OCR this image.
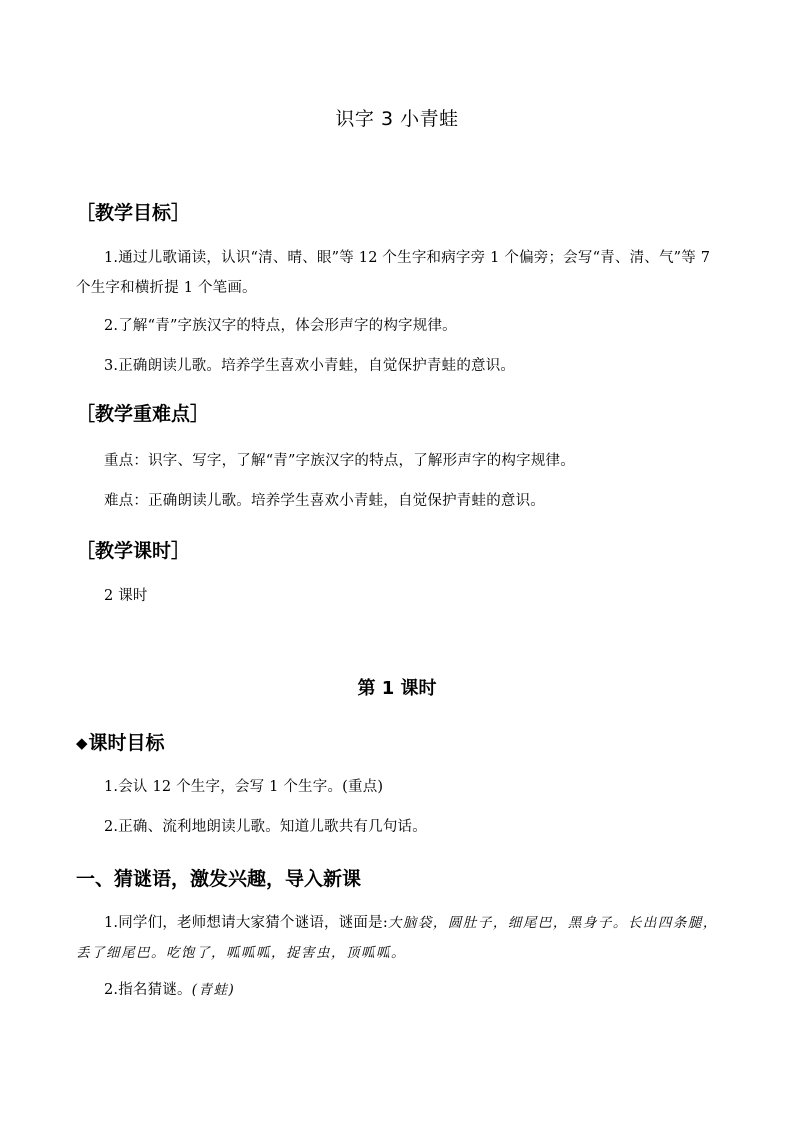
识字 3 小青蛙
［教学目标］
1.通过儿歌诵读，认识“清、晴、眼”等 12 个生字和病字旁 1 个偏旁；会写“青、清、气”等 7 个生字和横折提 1 个笔画。
2.了解“青”字族汉字的特点，体会形声字的构字规律。
3.正确朗读儿歌。培养学生喜欢小青蛙，自觉保护青蛙的意识。
［教学重难点］
重点：识字、写字，了解“青”字族汉字的特点，了解形声字的构字规律。
难点：正确朗读儿歌。培养学生喜欢小青蛙，自觉保护青蛙的意识。
［教学课时］
2 课时
第 1 课时
◆课时目标
1.会认 12 个生字，会写 1 个生字。(重点)
2.正确、流利地朗读儿歌。知道儿歌共有几句话。
一、猜谜语，激发兴趣，导入新课
1.同学们，老师想请大家猜个谜语，谜面是:大脑袋，圆肚子，细尾巴，黑身子。长出四条腿，丢了细尾巴。吃饱了，呱呱呱，捉害虫，顶呱呱。
2.指名猜谜。(青蛙)
